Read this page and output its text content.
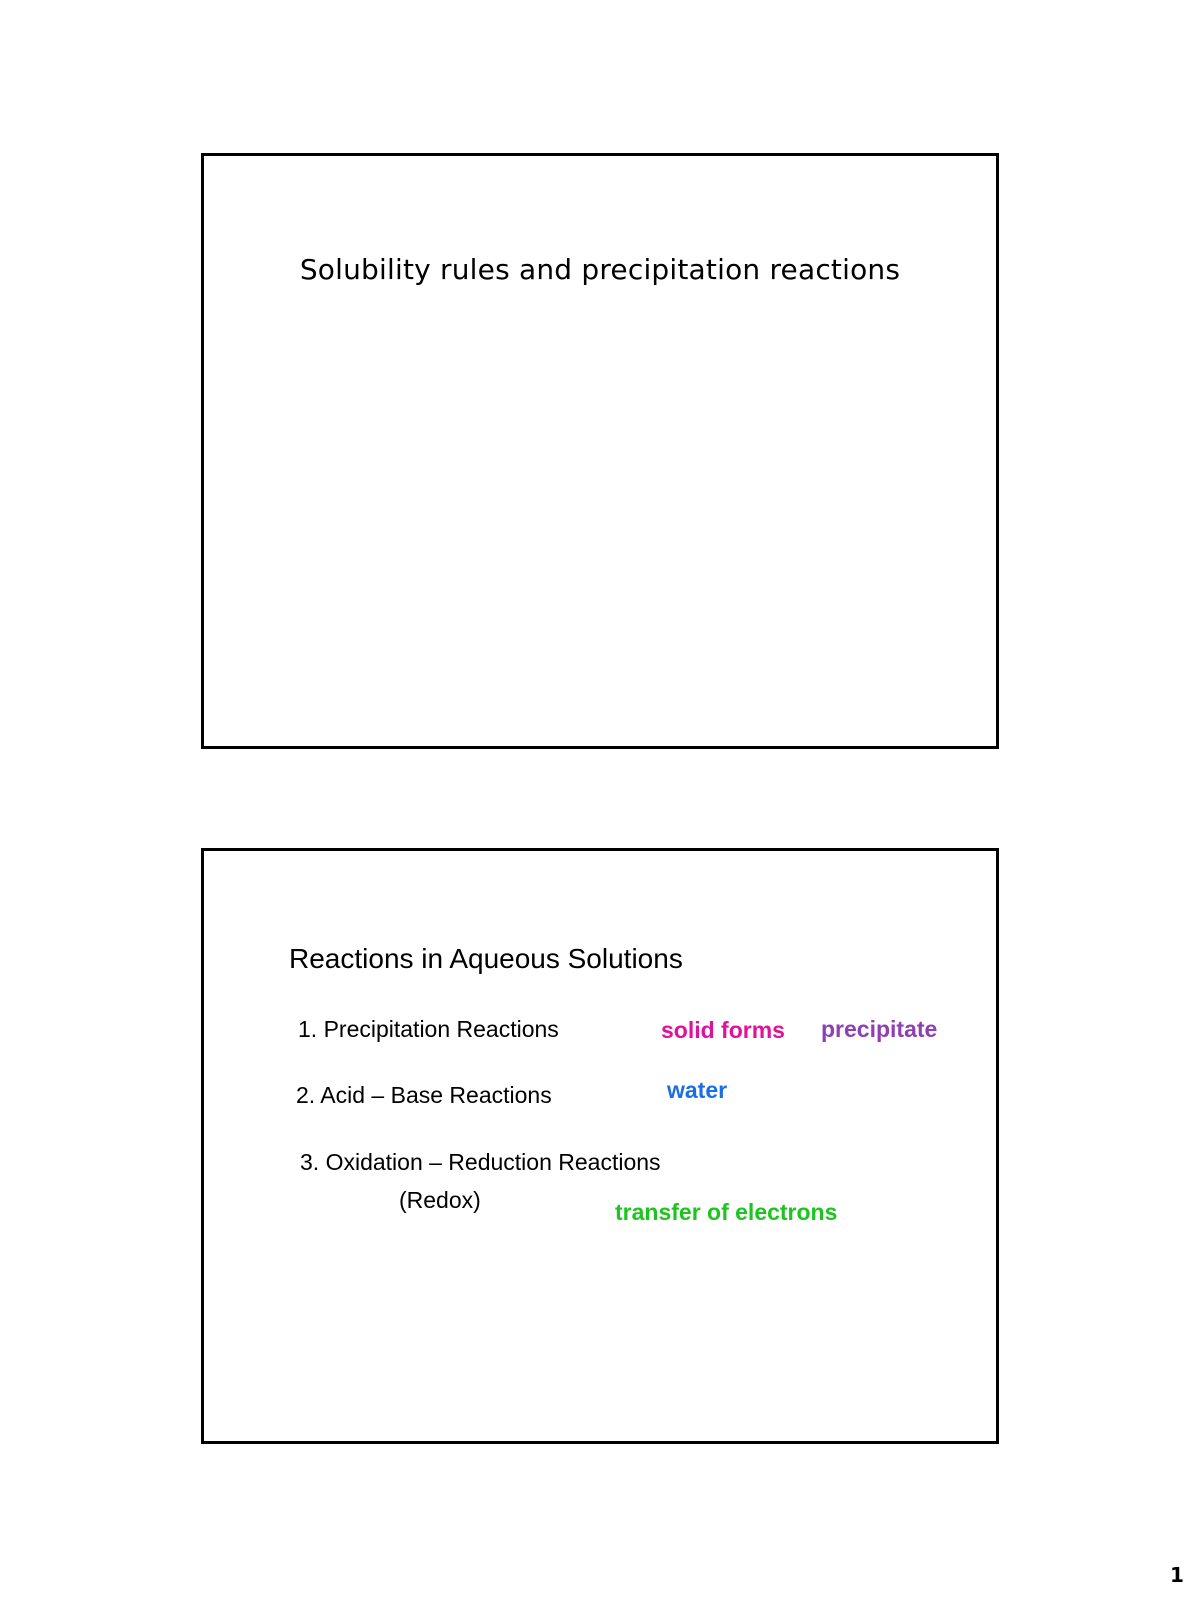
Solubility rules and precipitation reactions
Reactions in Aqueous Solutions
1. Precipitation Reactions
2. Acid – Base Reactions
3. Oxidation – Reduction Reactions
(Redox)
solid forms precipitate
water
transfer of electrons
1
